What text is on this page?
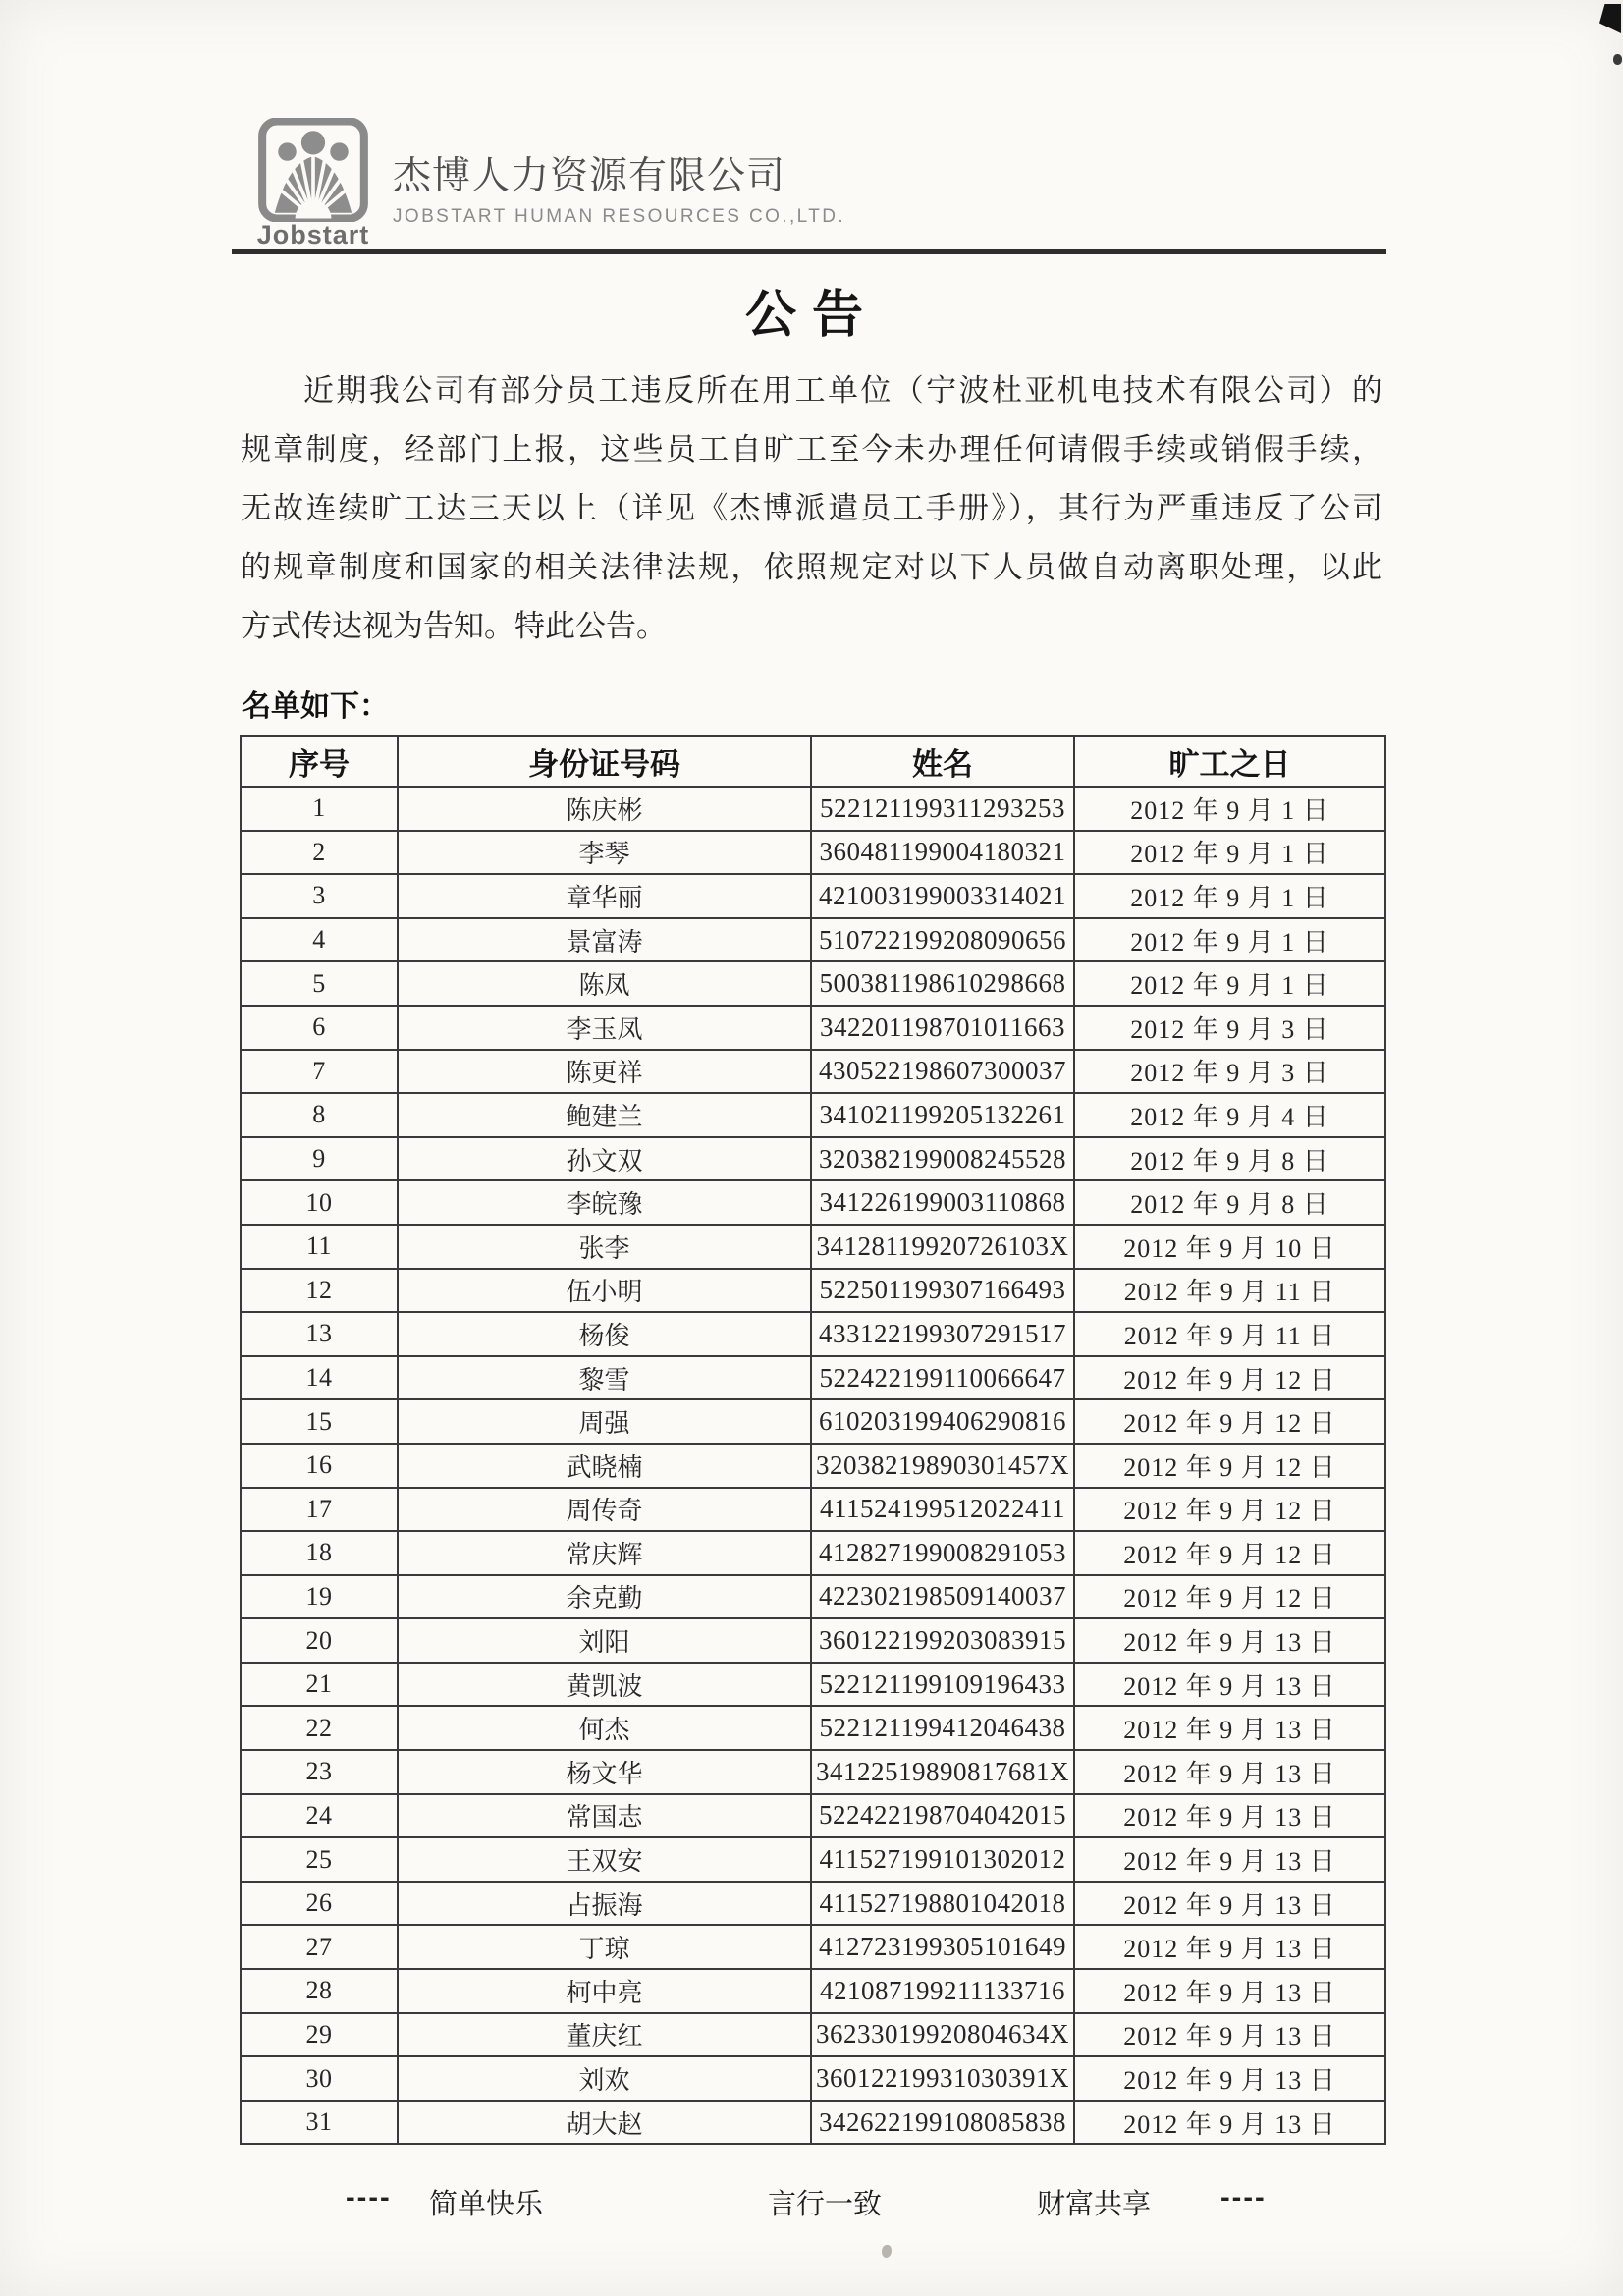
Jobstart
杰博人力资源有限公司
JOBSTART HUMAN RESOURCES CO.,LTD.
公告
近期我公司有部分员工违反所在用工单位（宁波杜亚机电技术有限公司）的
规章制度，经部门上报，这些员工自旷工至今未办理任何请假手续或销假手续，
无故连续旷工达三天以上（详见《杰博派遣员工手册》），其行为严重违反了公司
的规章制度和国家的相关法律法规，依照规定对以下人员做自动离职处理，以此
方式传达视为告知。特此公告。
名单如下：
序号	身份证号码	姓名	旷工之日
1	陈庆彬	522121199311293253	2012 年 9 月 1 日
2	李琴	360481199004180321	2012 年 9 月 1 日
3	章华丽	421003199003314021	2012 年 9 月 1 日
4	景富涛	510722199208090656	2012 年 9 月 1 日
5	陈凤	500381198610298668	2012 年 9 月 1 日
6	李玉凤	342201198701011663	2012 年 9 月 3 日
7	陈更祥	430522198607300037	2012 年 9 月 3 日
8	鲍建兰	341021199205132261	2012 年 9 月 4 日
9	孙文双	320382199008245528	2012 年 9 月 8 日
10	李皖豫	341226199003110868	2012 年 9 月 8 日
11	张李	34128119920726103X	2012 年 9 月 10 日
12	伍小明	522501199307166493	2012 年 9 月 11 日
13	杨俊	433122199307291517	2012 年 9 月 11 日
14	黎雪	522422199110066647	2012 年 9 月 12 日
15	周强	610203199406290816	2012 年 9 月 12 日
16	武晓楠	32038219890301457X	2012 年 9 月 12 日
17	周传奇	411524199512022411	2012 年 9 月 12 日
18	常庆辉	412827199008291053	2012 年 9 月 12 日
19	余克勤	422302198509140037	2012 年 9 月 12 日
20	刘阳	360122199203083915	2012 年 9 月 13 日
21	黄凯波	522121199109196433	2012 年 9 月 13 日
22	何杰	522121199412046438	2012 年 9 月 13 日
23	杨文华	34122519890817681X	2012 年 9 月 13 日
24	常国志	522422198704042015	2012 年 9 月 13 日
25	王双安	411527199101302012	2012 年 9 月 13 日
26	占振海	411527198801042018	2012 年 9 月 13 日
27	丁琼	412723199305101649	2012 年 9 月 13 日
28	柯中亮	421087199211133716	2012 年 9 月 13 日
29	董庆红	36233019920804634X	2012 年 9 月 13 日
30	刘欢	36012219931030391X	2012 年 9 月 13 日
31	胡大赵	342622199108085838	2012 年 9 月 13 日
---- 简单快乐	言行一致	财富共享 ----
